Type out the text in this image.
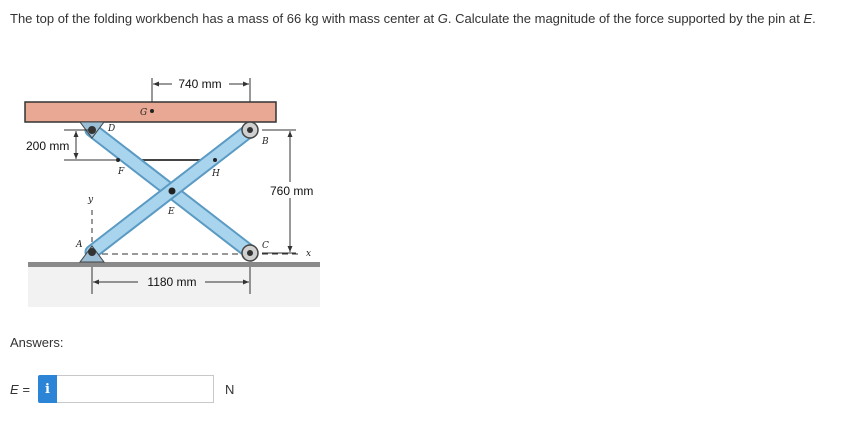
The top of the folding workbench has a mass of 66 kg with mass center at G. Calculate the magnitude of the force supported by the pin at E.
G
D
B
F	H
E
A	C
x
y
740 mm
200 mm
760 mm
1180 mm
Answers:
E =	i	N
